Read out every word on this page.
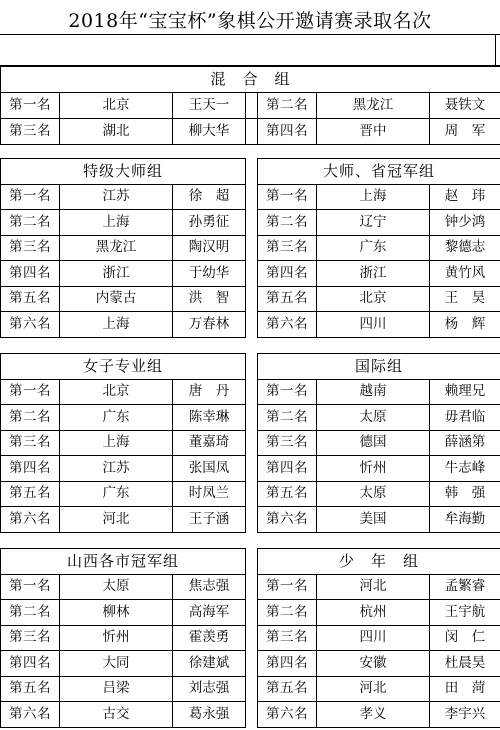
2018年“宝宝杯”象棋公开邀请赛录取名次
混　合　组						
第一名	北京	王天一		第二名	黑龙江	聂铁文
第三名	湖北	柳大华		第四名	晋中	周　军
特级大师组		
第一名	江苏	徐　超
第二名	上海	孙勇征
第三名	黑龙江	陶汉明
第四名	浙江	于幼华
第五名	内蒙古	洪　智
第六名	上海	万春林
大师、省冠军组		
第一名	上海	赵　玮
第二名	辽宁	钟少鸿
第三名	广东	黎德志
第四名	浙江	黄竹风
第五名	北京	王　昊
第六名	四川	杨　辉
女子专业组		
第一名	北京	唐　丹
第二名	广东	陈幸琳
第三名	上海	董嘉琦
第四名	江苏	张国凤
第五名	广东	时凤兰
第六名	河北	王子涵
国际组		
第一名	越南	赖理兄
第二名	太原	毋君临
第三名	德国	薛涵第
第四名	忻州	牛志峰
第五名	太原	韩　强
第六名	美国	牟海勤
山西各市冠军组		
第一名	太原	焦志强
第二名	柳林	高海军
第三名	忻州	霍羡勇
第四名	大同	徐建斌
第五名	吕梁	刘志强
第六名	古交	葛永强
少　年　组		
第一名	河北	孟繁睿
第二名	杭州	王宇航
第三名	四川	闵　仁
第四名	安徽	杜晨昊
第五名	河北	田　菏
第六名	孝义	李宇兴
